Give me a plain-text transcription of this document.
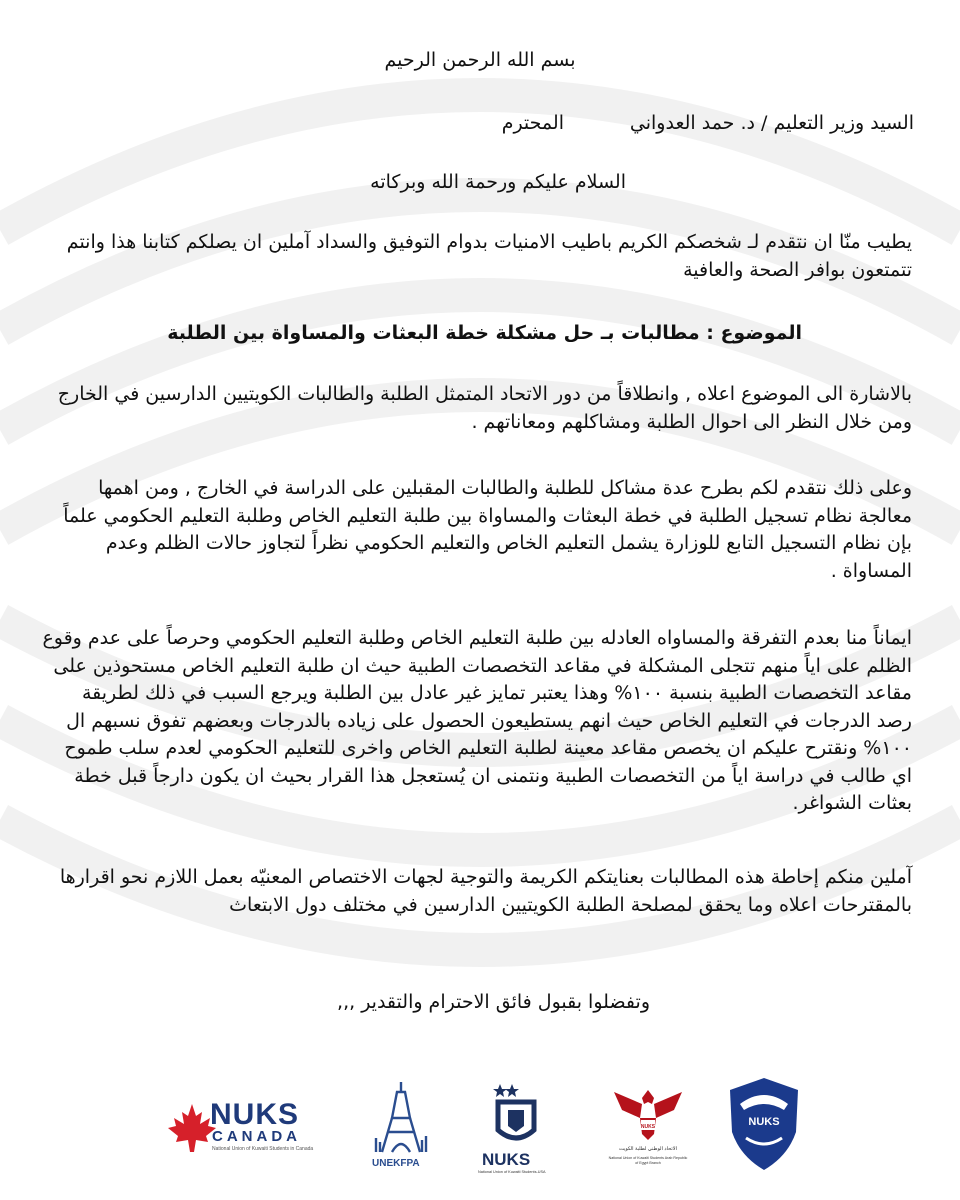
بسم الله الرحمن الرحيم
السيد وزير التعليم / د. حمد العدواني
المحترم
السلام عليكم ورحمة الله وبركاته
يطيب منّا ان نتقدم لـ شخصكم الكريم باطيب الامنيات بدوام التوفيق والسداد آملين ان يصلكم كتابنا هذا وانتم تتمتعون بوافر الصحة والعافية
الموضوع : مطالبات بـ حل مشكلة خطة البعثات والمساواة بين الطلبة
بالاشارة الى الموضوع اعلاه , وانطلاقاً من دور الاتحاد المتمثل الطلبة والطالبات الكويتيين الدارسين في الخارج ومن خلال النظر الى احوال الطلبة ومشاكلهم ومعاناتهم .
وعلى ذلك نتقدم لكم بطرح عدة مشاكل للطلبة والطالبات المقبلين على الدراسة في الخارج , ومن اهمها معالجة نظام تسجيل الطلبة في خطة البعثات والمساواة بين طلبة التعليم الخاص وطلبة التعليم الحكومي علماً بإن نظام التسجيل التابع للوزارة يشمل التعليم الخاص والتعليم الحكومي نظراً لتجاوز حالات الظلم وعدم المساواة .
ايماناً منا بعدم التفرقة والمساواه العادله بين طلبة التعليم الخاص وطلبة التعليم الحكومي وحرصاً على عدم وقوع الظلم على اياً منهم تتجلى المشكلة في مقاعد التخصصات الطبية حيث ان طلبة التعليم الخاص مستحوذين على مقاعد التخصصات الطبية بنسبة ١٠٠% وهذا يعتبر تمايز غير عادل بين الطلبة ويرجع السبب في ذلك لطريقة رصد الدرجات في التعليم الخاص حيث انهم يستطيعون الحصول على زياده بالدرجات وبعضهم تفوق نسبهم ال ١٠٠% ونقترح عليكم ان يخصص مقاعد معينة لطلبة التعليم الخاص واخرى للتعليم الحكومي لعدم سلب طموح اي طالب في دراسة اياً من التخصصات الطبية ونتمنى ان يُستعجل هذا القرار بحيث ان يكون دارجاً قبل خطة بعثات الشواغر.
آملين منكم إحاطة هذه المطالبات بعنايتكم الكريمة والتوجية لجهات الاختصاص المعنيّه بعمل اللازم نحو اقرارها بالمقترحات اعلاه وما يحقق لمصلحة الطلبة الكويتيين الدارسين في مختلف دول الابتعاث
وتفضلوا بقبول فائق الاحترام والتقدير ,,,
NUKS
CANADA
National Union of Kuwaiti Students in Canada
UNEKFPA	NUKS
National Union of Kuwaiti Students-USA
NUKS
الاتحاد الوطني لطلبة الكويت
National Union of Kuwaiti Students Arab Republic of Egypt Branch
NUKS
